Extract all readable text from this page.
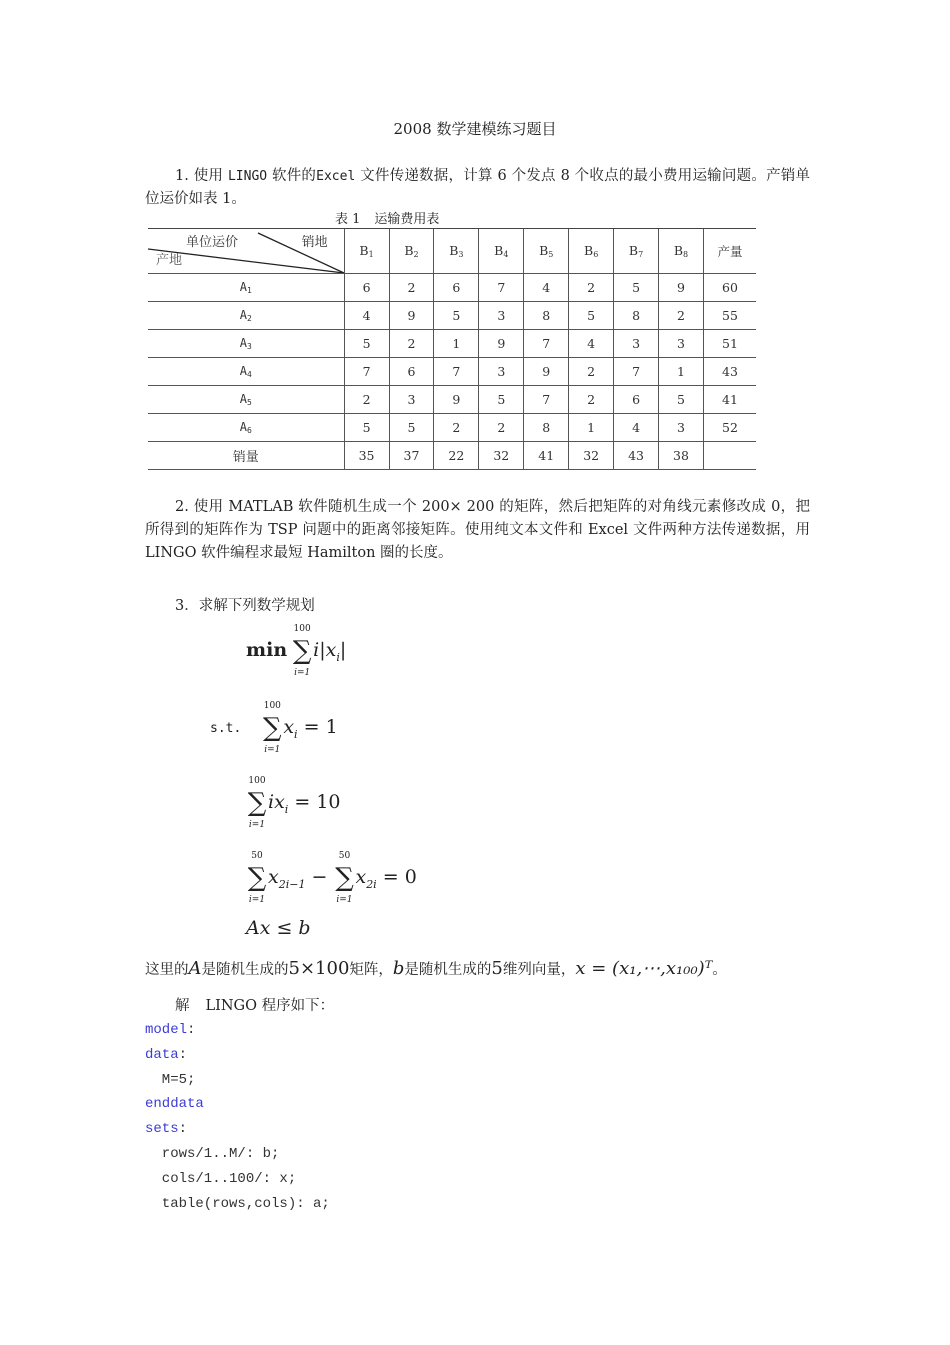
2008 数学建模练习题目
1. 使用 LINGO 软件的Excel 文件传递数据，计算 6 个发点 8 个收点的最小费用运输问题。产销单位运价如表 1。
表 1 运输费用表
单位运价 销地
产地	$B_1$	$B_2$	$B_3$	$B_4$	$B_5$	$B_6$	$B_7$	$B_8$	产量
$A_1$	6	2	6	7	4	2	5	9	60
$A_2$	4	9	5	3	8	5	8	2	55
$A_3$	5	2	1	9	7	4	3	3	51
$A_4$	7	6	7	3	9	2	7	1	43
$A_5$	2	3	9	5	7	2	6	5	41
$A_6$	5	5	2	2	8	1	4	3	52
销量	35	37	22	32	41	32	43	38	
2. 使用 MATLAB 软件随机生成一个 200× 200 的矩阵，然后把矩阵的对角线元素修改成 0，把所得到的矩阵作为 TSP 问题中的距离邻接矩阵。使用纯文本文件和 Excel 文件两种方法传递数据，用 LINGO 软件编程求最短 Hamilton 圈的长度。
3．求解下列数学规划
min
100
∑
i=1
$i|x_i|$
s.t.
100
∑
i=1
$x_i = 1$
100
∑
i=1
$ix_i = 10$
50
∑
i=1
$x_{2i-1}$ −
50
∑
i=1
$x_{2i} = 0$
Ax ≤ b
这里的A是随机生成的5×100矩阵，b是随机生成的5维列向量，x = (x₁,⋯,x₁₀₀)ᵀ。
解 LINGO 程序如下：
model:
data:
M=5;
enddata
sets:
rows/1..M/: b;
cols/1..100/: x;
table(rows,cols): a;
